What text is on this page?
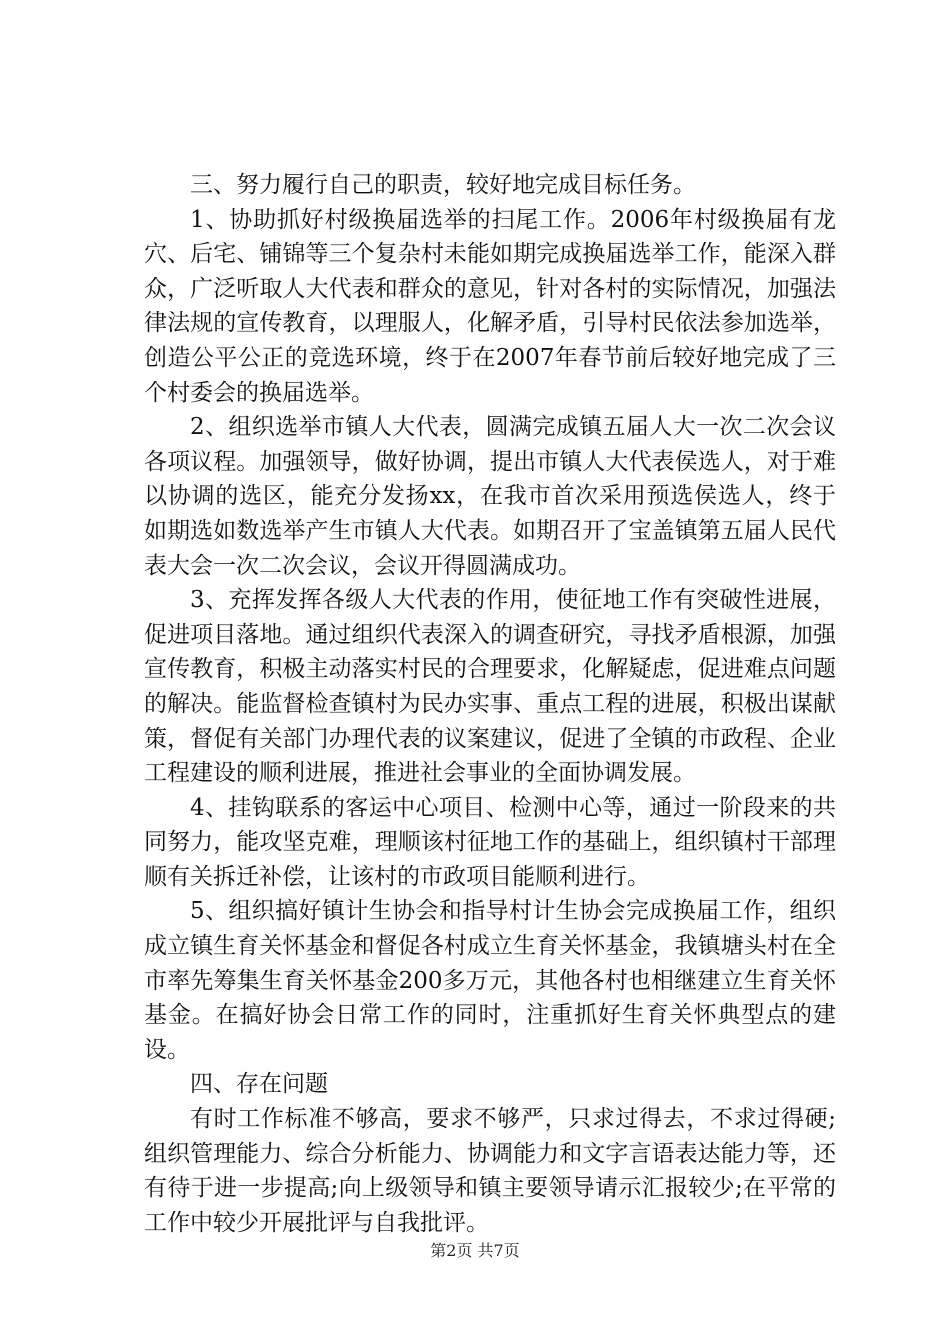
三、努力履行自己的职责，较好地完成目标任务。

1、协助抓好村级换届选举的扫尾工作。2006年村级换届有龙穴、后宅、铺锦等三个复杂村未能如期完成换届选举工作，能深入群众，广泛听取人大代表和群众的意见，针对各村的实际情况，加强法律法规的宣传教育，以理服人，化解矛盾，引导村民依法参加选举，创造公平公正的竞选环境，终于在2007年春节前后较好地完成了三个村委会的换届选举。

2、组织选举市镇人大代表，圆满完成镇五届人大一次二次会议各项议程。加强领导，做好协调，提出市镇人大代表侯选人，对于难以协调的选区，能充分发扬xx，在我市首次采用预选侯选人，终于如期选如数选举产生市镇人大代表。如期召开了宝盖镇第五届人民代表大会一次二次会议，会议开得圆满成功。

3、充挥发挥各级人大代表的作用，使征地工作有突破性进展，促进项目落地。通过组织代表深入的调查研究，寻找矛盾根源，加强宣传教育，积极主动落实村民的合理要求，化解疑虑，促进难点问题的解决。能监督检查镇村为民办实事、重点工程的进展，积极出谋献策，督促有关部门办理代表的议案建议，促进了全镇的市政程、企业工程建设的顺利进展，推进社会事业的全面协调发展。

4、挂钩联系的客运中心项目、检测中心等，通过一阶段来的共同努力，能攻坚克难，理顺该村征地工作的基础上，组织镇村干部理顺有关拆迁补偿，让该村的市政项目能顺利进行。

5、组织搞好镇计生协会和指导村计生协会完成换届工作，组织成立镇生育关怀基金和督促各村成立生育关怀基金，我镇塘头村在全市率先筹集生育关怀基金200多万元，其他各村也相继建立生育关怀基金。在搞好协会日常工作的同时，注重抓好生育关怀典型点的建设。

四、存在问题

有时工作标准不够高，要求不够严，只求过得去，不求过得硬;组织管理能力、综合分析能力、协调能力和文字言语表达能力等，还有待于进一步提高;向上级领导和镇主要领导请示汇报较少;在平常的工作中较少开展批评与自我批评。

第2页 共7页
